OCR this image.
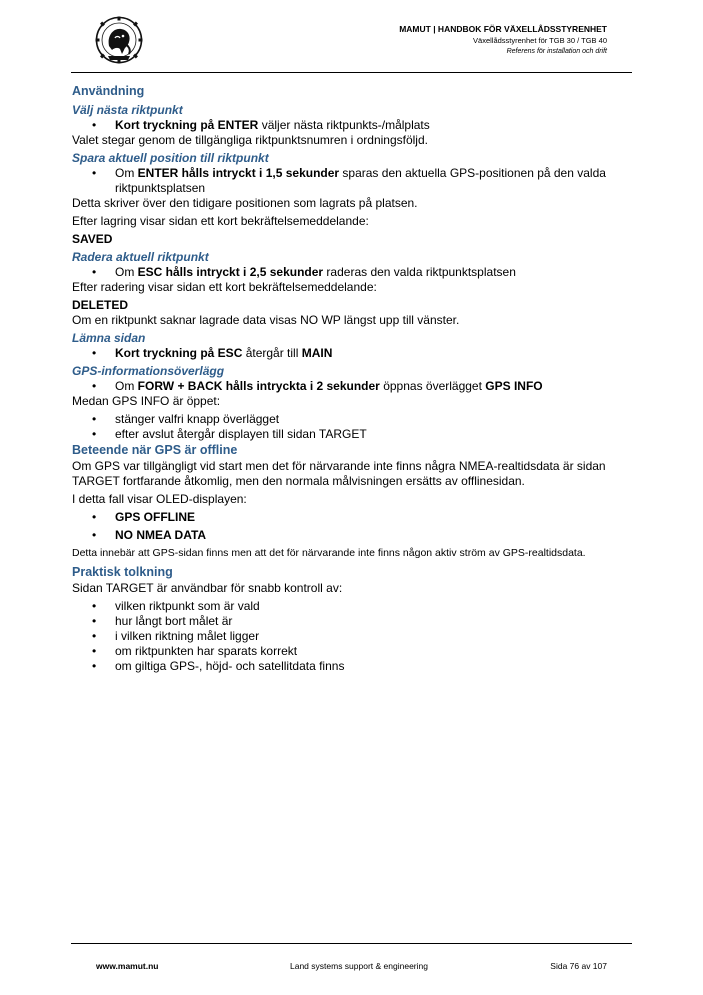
MAMUT | HANDBOK FÖR VÄXELLÅDSSTYRENHET
Växellådsstyrenhet för TGB 30 / TGB 40
Referens för installation och drift
Användning
Välj nästa riktpunkt
• Kort tryckning på ENTER väljer nästa riktpunkts-/målplats

Valet stegar genom de tillgängliga riktpunktsnumren i ordningsföljd.

Spara aktuell position till riktpunkt
• Om ENTER hålls intryckt i 1,5 sekunder sparas den aktuella GPS-positionen på den valda riktpunktsplatsen

Detta skriver över den tidigare positionen som lagrats på platsen.

Efter lagring visar sidan ett kort bekräftelsemeddelande:

SAVED

Radera aktuell riktpunkt
• Om ESC hålls intryckt i 2,5 sekunder raderas den valda riktpunktsplatsen

Efter radering visar sidan ett kort bekräftelsemeddelande:

DELETED

Om en riktpunkt saknar lagrade data visas NO WP längst upp till vänster.

Lämna sidan
• Kort tryckning på ESC återgår till MAIN
GPS-informationsöverlägg
• Om FORW + BACK hålls intryckta i 2 sekunder öppnas överlägget GPS INFO

Medan GPS INFO är öppet:

• stänger valfri knapp överlägget
• efter avslut återgår displayen till sidan TARGET
Beteende när GPS är offline

Om GPS var tillgängligt vid start men det för närvarande inte finns några NMEA-realtidsdata är sidan TARGET fortfarande åtkomlig, men den normala målvisningen ersätts av offlinesidan.

I detta fall visar OLED-displayen:

• GPS OFFLINE
• NO NMEA DATA

Detta innebär att GPS-sidan finns men att det för närvarande inte finns någon aktiv ström av GPS-realtidsdata.

Praktisk tolkning

Sidan TARGET är användbar för snabb kontroll av:

• vilken riktpunkt som är vald
• hur långt bort målet är
• i vilken riktning målet ligger
• om riktpunkten har sparats korrekt
• om giltiga GPS-, höjd- och satellitdata finns
www.mamut.nu	Land systems support & engineering	Sida 76 av 107
